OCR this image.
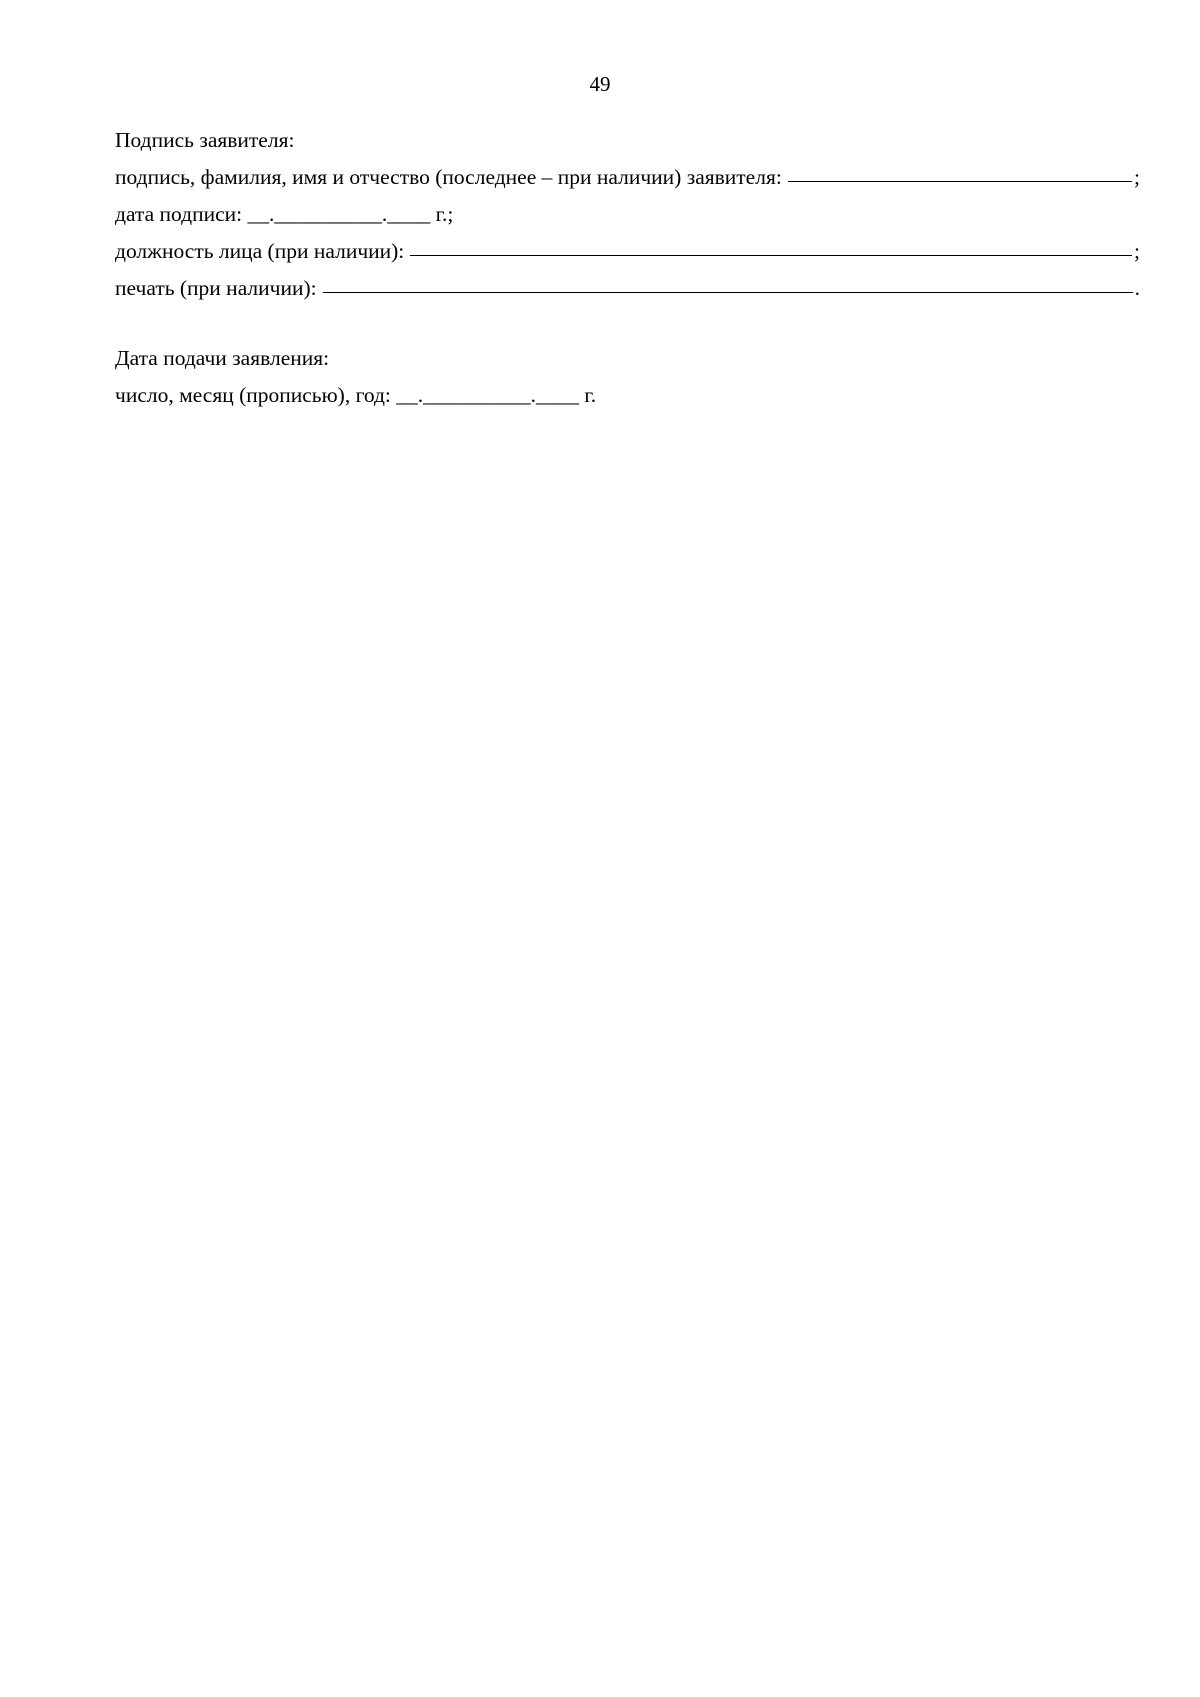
49
Подпись заявителя:
подпись, фамилия, имя и отчество (последнее – при наличии) заявителя:	;
дата подписи: __.__________.____ г.;
должность лица (при наличии):	;
печать (при наличии):	.
Дата подачи заявления:
число, месяц (прописью), год: __.__________.____ г.
